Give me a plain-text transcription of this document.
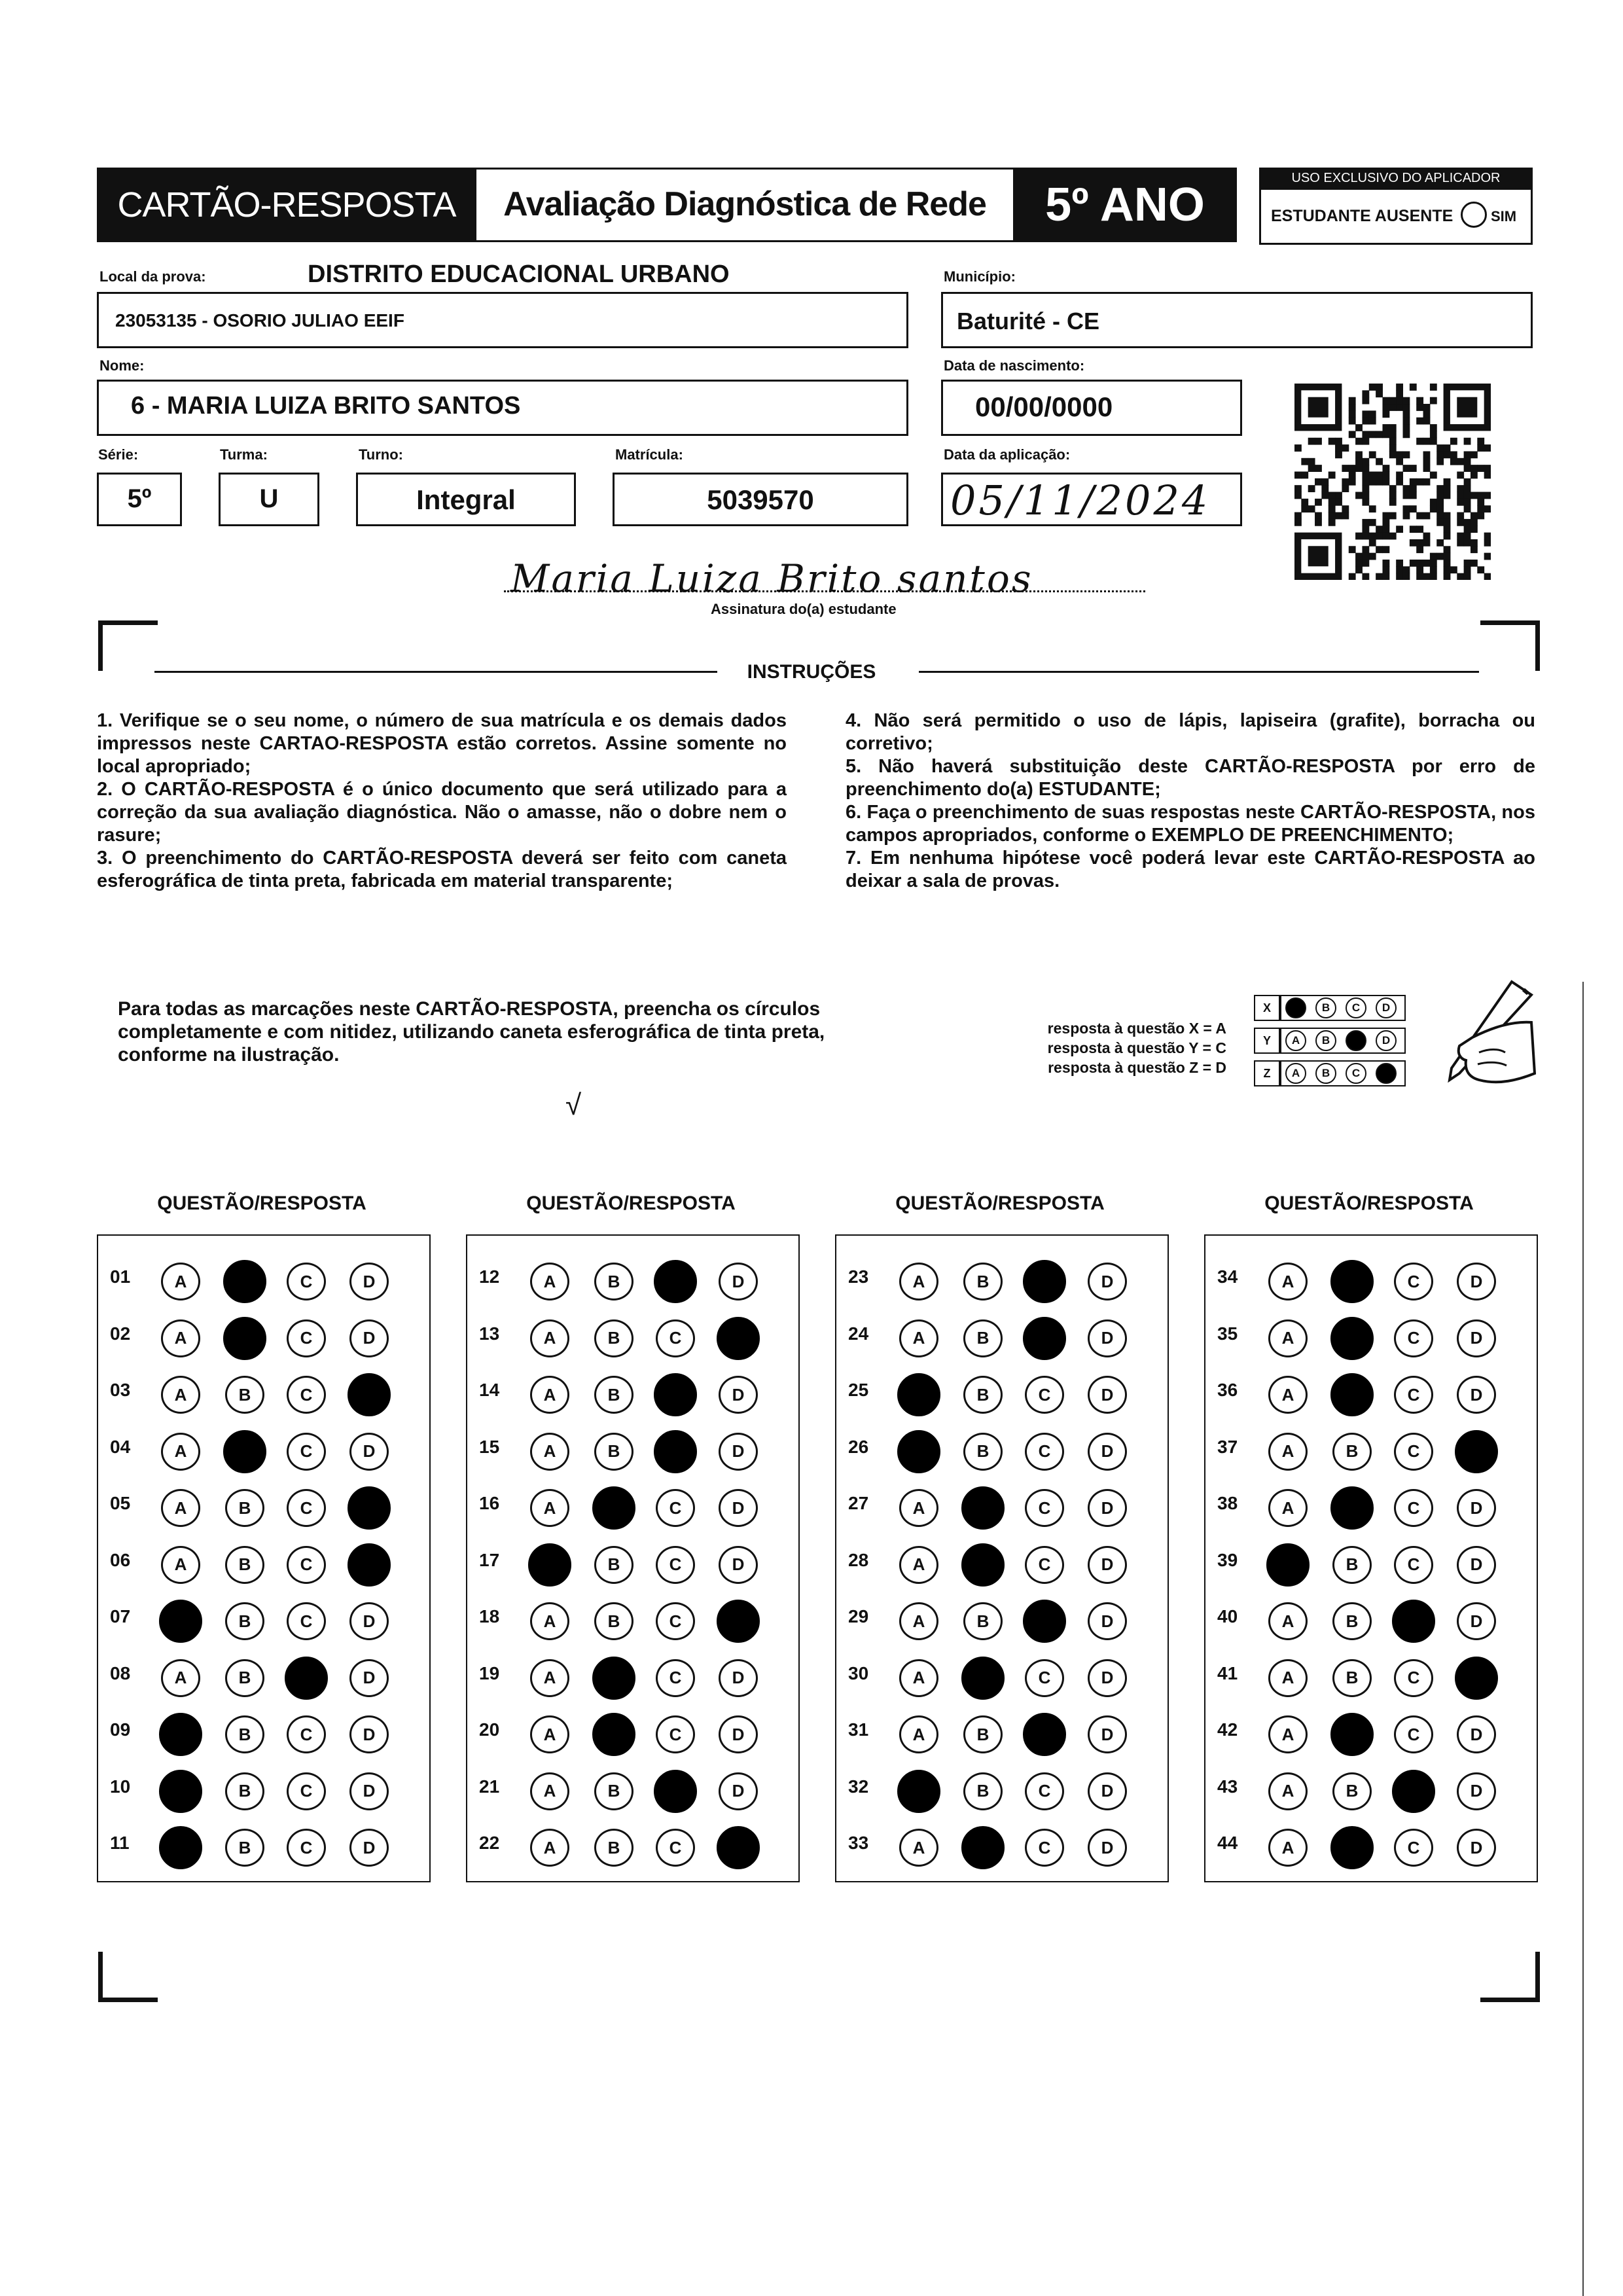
CARTÃO-RESPOSTA	Avaliação Diagnóstica de Rede	5º ANO
USO EXCLUSIVO DO APLICADOR
ESTUDANTE AUSENTE	SIM
Local da prova:	DISTRITO EDUCACIONAL URBANO
23053135 - OSORIO JULIAO EEIF
Município:
Baturité - CE
Nome:
6 - MARIA LUIZA BRITO SANTOS
Data de nascimento:
00/00/0000
Série:
5º
Turma:
U
Turno:
Integral
Matrícula:
5039570
Data da aplicação:
05/11/2024
Maria Luiza Brito santos
Assinatura do(a) estudante
INSTRUÇÕES

1. Verifique se o seu nome, o número de sua matrícula e os demais dados impressos neste CARTAO-RESPOSTA estão corretos. Assine somente no local apropriado;

2. O CARTÃO-RESPOSTA é o único documento que será utilizado para a correção da sua avaliação diagnóstica. Não o amasse, não o dobre nem o rasure;

3. O preenchimento do CARTÃO-RESPOSTA deverá ser feito com caneta esferográfica de tinta preta, fabricada em material transparente;

4. Não será permitido o uso de lápis, lapiseira (grafite), borracha ou corretivo;

5. Não haverá substituição deste CARTÃO-RESPOSTA por erro de preenchimento do(a) ESTUDANTE;

6. Faça o preenchimento de suas respostas neste CARTÃO-RESPOSTA, nos campos apropriados, conforme o EXEMPLO DE PREENCHIMENTO;

7. Em nenhuma hipótese você poderá levar este CARTÃO-RESPOSTA ao deixar a sala de provas.

Para todas as marcações neste CARTÃO-RESPOSTA, preencha os círculos completamente e com nitidez, utilizando caneta esferográfica de tinta preta, conforme na ilustração.
√
resposta à questão X = A
resposta à questão Y = C
resposta à questão Z = D
X	A	B	C	D
Y	A	B	C	D
Z	A	B	C	D
QUESTÃO/RESPOSTA	QUESTÃO/RESPOSTA	QUESTÃO/RESPOSTA	QUESTÃO/RESPOSTA
01	A	B	C	D
02	A	B	C	D
03	A	B	C	D
04	A	B	C	D
05	A	B	C	D
06	A	B	C	D
07	A	B	C	D
08	A	B	C	D
09	A	B	C	D
10	A	B	C	D
11	A	B	C	D
12	A	B	C	D
13	A	B	C	D
14	A	B	C	D
15	A	B	C	D
16	A	B	C	D
17	A	B	C	D
18	A	B	C	D
19	A	B	C	D
20	A	B	C	D
21	A	B	C	D
22	A	B	C	D
23	A	B	C	D
24	A	B	C	D
25	A	B	C	D
26	A	B	C	D
27	A	B	C	D
28	A	B	C	D
29	A	B	C	D
30	A	B	C	D
31	A	B	C	D
32	A	B	C	D
33	A	B	C	D
34	A	B	C	D
35	A	B	C	D
36	A	B	C	D
37	A	B	C	D
38	A	B	C	D
39	A	B	C	D
40	A	B	C	D
41	A	B	C	D
42	A	B	C	D
43	A	B	C	D
44	A	B	C	D
